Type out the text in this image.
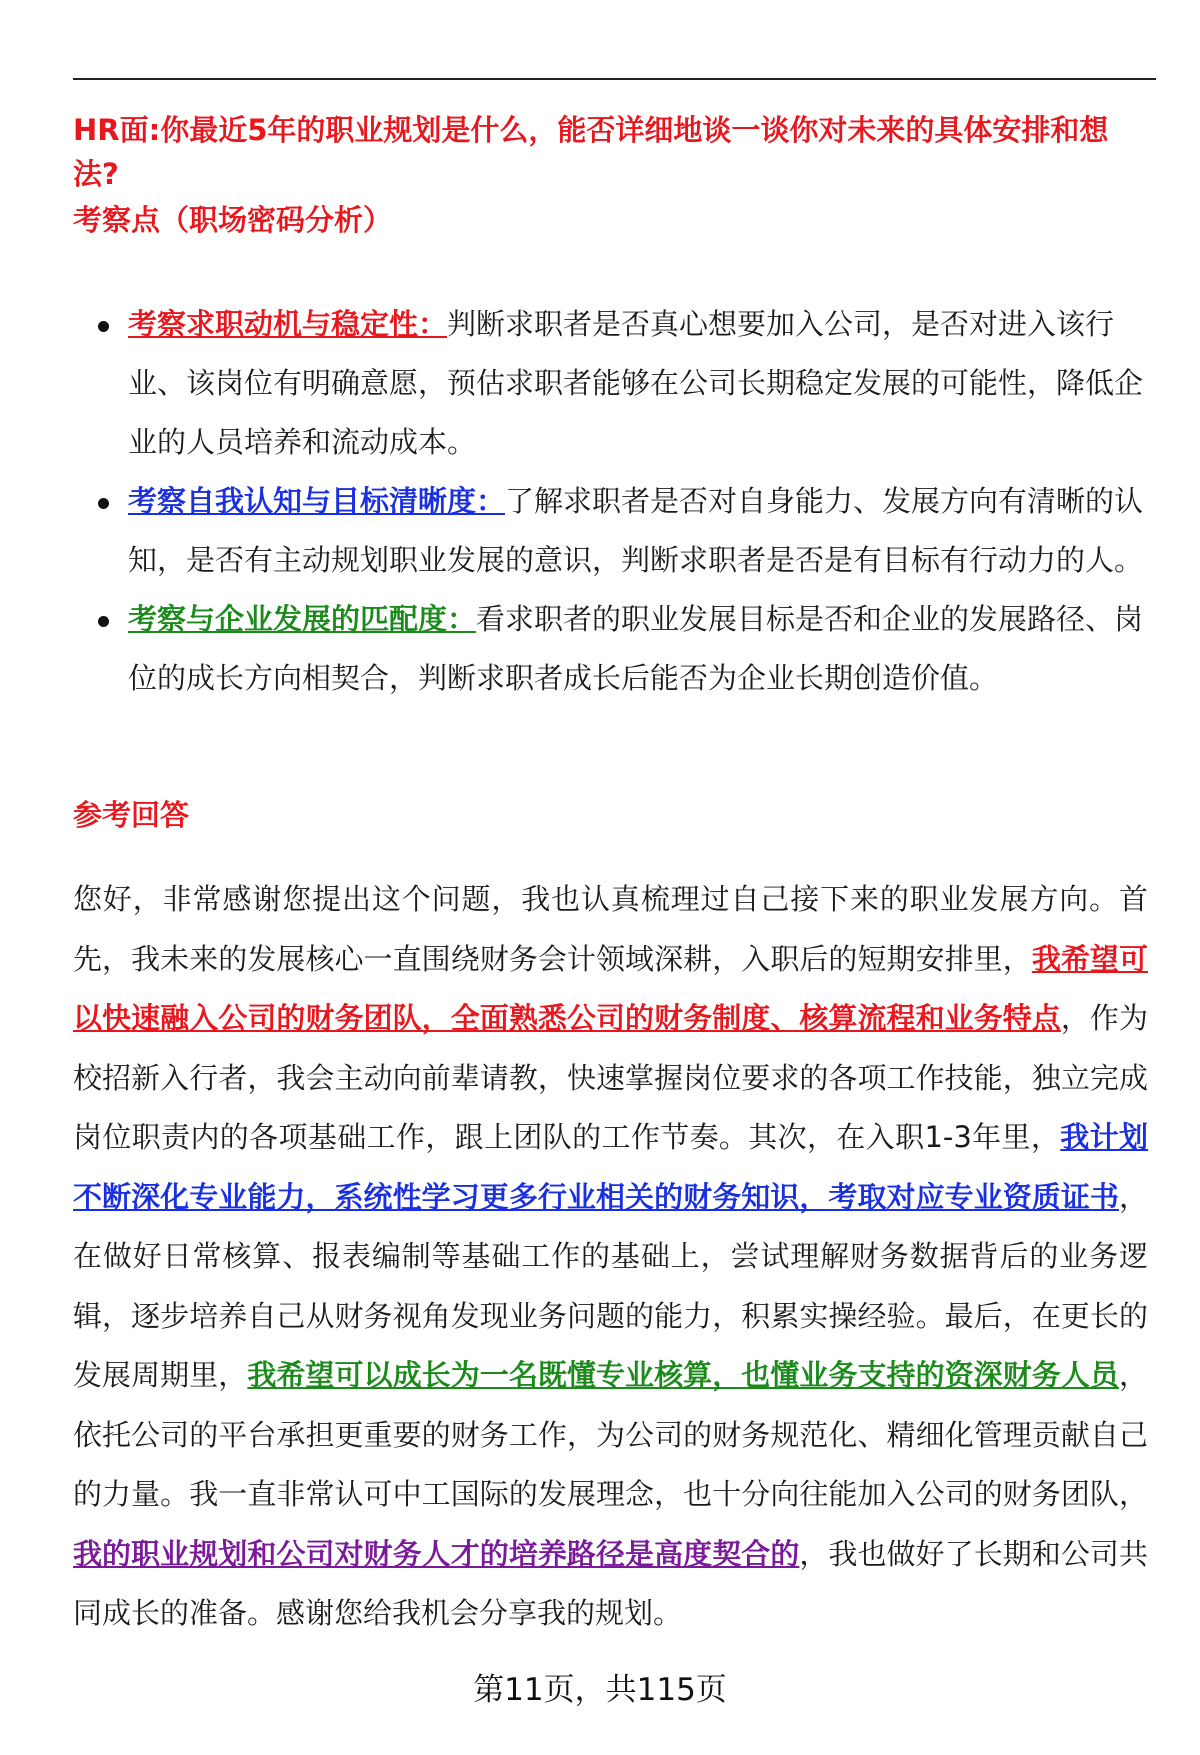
HR面:你最近5年的职业规划是什么，能否详细地谈一谈你对未来的具体安排和想法?
考察点（职场密码分析）
考察求职动机与稳定性：判断求职者是否真心想要加入公司，是否对进入该行业、该岗位有明确意愿，预估求职者能够在公司长期稳定发展的可能性，降低企业的人员培养和流动成本。
考察自我认知与目标清晰度：了解求职者是否对自身能力、发展方向有清晰的认知，是否有主动规划职业发展的意识，判断求职者是否是有目标有行动力的人。
考察与企业发展的匹配度：看求职者的职业发展目标是否和企业的发展路径、岗位的成长方向相契合，判断求职者成长后能否为企业长期创造价值。
参考回答
您好，非常感谢您提出这个问题，我也认真梳理过自己接下来的职业发展方向。首先，我未来的发展核心一直围绕财务会计领域深耕，入职后的短期安排里，我希望可以快速融入公司的财务团队，全面熟悉公司的财务制度、核算流程和业务特点，作为校招新入行者，我会主动向前辈请教，快速掌握岗位要求的各项工作技能，独立完成岗位职责内的各项基础工作，跟上团队的工作节奏。其次，在入职1-3年里，我计划不断深化专业能力，系统性学习更多行业相关的财务知识，考取对应专业资质证书，在做好日常核算、报表编制等基础工作的基础上，尝试理解财务数据背后的业务逻辑，逐步培养自己从财务视角发现业务问题的能力，积累实操经验。最后，在更长的发展周期里，我希望可以成长为一名既懂专业核算，也懂业务支持的资深财务人员，依托公司的平台承担更重要的财务工作，为公司的财务规范化、精细化管理贡献自己的力量。我一直非常认可中工国际的发展理念，也十分向往能加入公司的财务团队，我的职业规划和公司对财务人才的培养路径是高度契合的，我也做好了长期和公司共同成长的准备。感谢您给我机会分享我的规划。
第11页，共115页
